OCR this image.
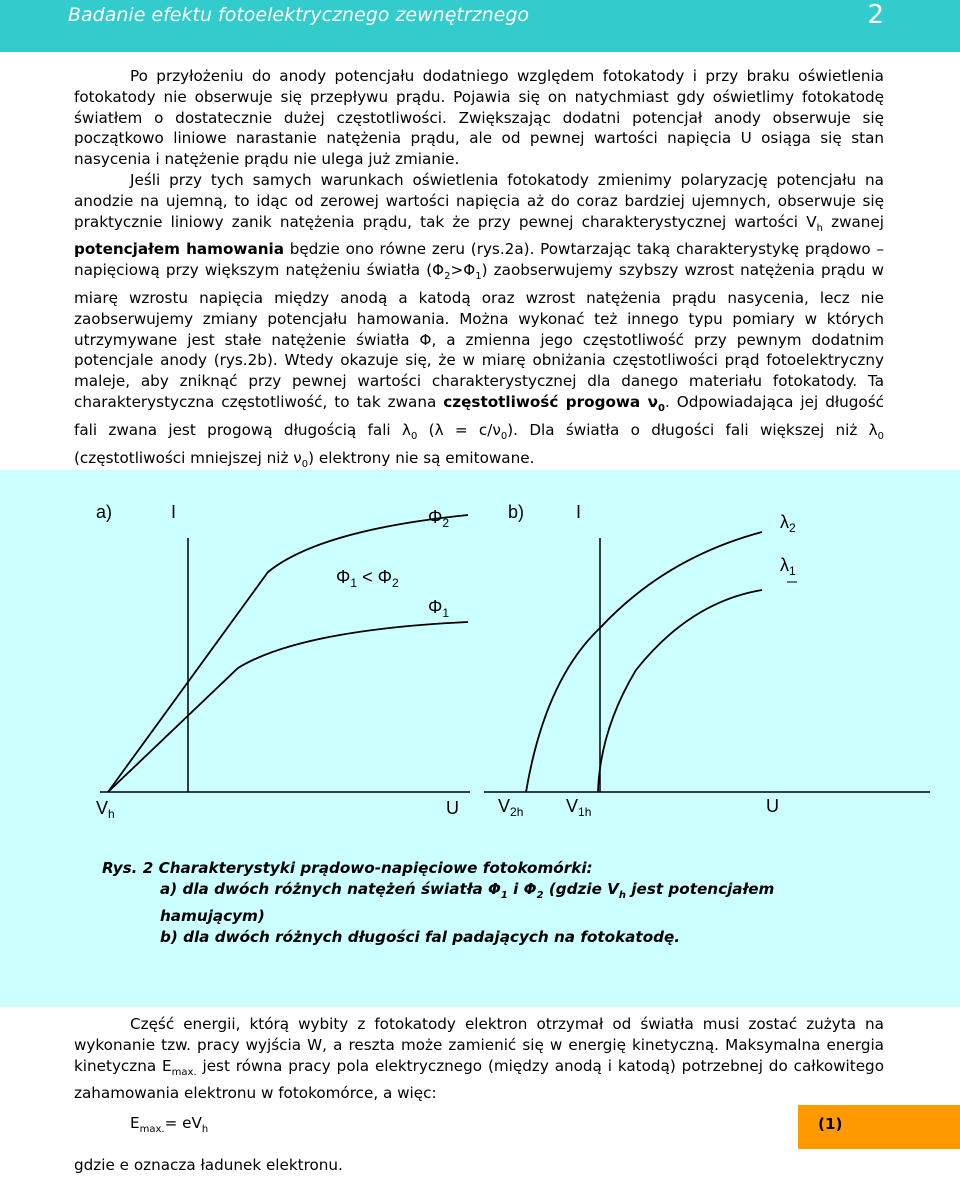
Badanie efektu fotoelektrycznego zewnętrznego	2

Po przyłożeniu do anody potencjału dodatniego względem fotokatody i przy braku oświetlenia fotokatody nie obserwuje się przepływu prądu. Pojawia się on natychmiast gdy oświetlimy fotokatodę światłem o dostatecznie dużej częstotliwości. Zwiększając dodatni potencjał anody obserwuje się początkowo liniowe narastanie natężenia prądu, ale od pewnej wartości napięcia U osiąga się stan nasycenia i natężenie prądu nie ulega już zmianie.

Jeśli przy tych samych warunkach oświetlenia fotokatody zmienimy polaryzację potencjału na anodzie na ujemną, to idąc od zerowej wartości napięcia aż do coraz bardziej ujemnych, obserwuje się praktycznie liniowy zanik natężenia prądu, tak że przy pewnej charakterystycznej wartości $V_h$ zwanej potencjałem hamowania będzie ono równe zeru (rys.2a). Powtarzając taką charakterystykę prądowo – napięciową przy większym natężeniu światła $(\Phi_2>\Phi_1)$ zaobserwujemy szybszy wzrost natężenia prądu w miarę wzrostu napięcia między anodą a katodą oraz wzrost natężenia prądu nasycenia, lecz nie zaobserwujemy zmiany potencjału hamowania. Można wykonać też innego typu pomiary w których utrzymywane jest stałe natężenie światła Φ, a zmienna jego częstotliwość przy pewnym dodatnim potencjale anody (rys.2b). Wtedy okazuje się, że w miarę obniżania częstotliwości prąd fotoelektryczny maleje, aby zniknąć przy pewnej wartości charakterystycznej dla danego materiału fotokatody. Ta charakterystyczna częstotliwość, to tak zwana częstotliwość progowa $\nu_0$. Odpowiadająca jej długość fali zwana jest progową długością fali $\lambda_0$ $(\lambda = c/\nu_0)$. Dla światła o długości fali większej niż $\lambda_0$ (częstotliwości mniejszej niż $\nu_0$) elektrony nie są emitowane.

a)	I	$\Phi_2$
$\Phi_1 < \Phi_2$
$\Phi_1$
$V_h$	U
b)	I	$\lambda_2$
$\lambda_1$
$V_{2h}$ $V_{1h}$	U
Rys. 2 Charakterystyki prądowo-napięciowe fotokomórki:
a) dla dwóch różnych natężeń światła $\Phi_1$ i $\Phi_2$ (gdzie $V_h$ jest potencjałem
hamującym)
b) dla dwóch różnych długości fal padających na fotokatodę.

Część energii, którą wybity z fotokatody elektron otrzymał od światła musi zostać zużyta na wykonanie tzw. pracy wyjścia W, a reszta może zamienić się w energię kinetyczną. Maksymalna energia kinetyczna $E_{max.}$ jest równa pracy pola elektrycznego (między anodą i katodą) potrzebnej do całkowitego zahamowania elektronu w fotokomórce, a więc:

$E_{max.}= eV_h$	(1)
gdzie e oznacza ładunek elektronu.
